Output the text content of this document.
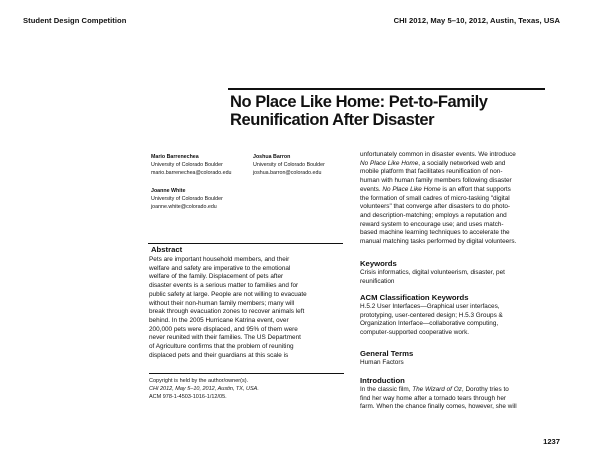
Student Design Competition	CHI 2012, May 5–10, 2012, Austin, Texas, USA
No Place Like Home: Pet-to-Family
Reunification After Disaster
Mario Barrenechea
University of Colorado Boulder
mario.barrenechea@colorado.edu
Joshua Barron
University of Colorado Boulder
joshua.barron@colorado.edu
Joanne White
University of Colorado Boulder
joanne.white@colorado.edu
Abstract

Pets are important household members, and their

welfare and safety are imperative to the emotional

welfare of the family. Displacement of pets after

disaster events is a serious matter to families and for

public safety at large. People are not willing to evacuate

without their non-human family members; many will

break through evacuation zones to recover animals left

behind. In the 2005 Hurricane Katrina event, over

200,000 pets were displaced, and 95% of them were

never reunited with their families. The US Department

of Agriculture confirms that the problem of reuniting

displaced pets and their guardians at this scale is

Copyright is held by the author/owner(s).
CHI 2012, May 5–10, 2012, Austin, TX, USA.
ACM 978-1-4503-1016-1/12/05.

unfortunately common in disaster events. We introduce

No Place Like Home, a socially networked web and

mobile platform that facilitates reunification of non-

human with human family members following disaster

events. No Place Like Home is an effort that supports

the formation of small cadres of micro-tasking "digital

volunteers" that converge after disasters to do photo-

and description-matching; employs a reputation and

reward system to encourage use; and uses match-

based machine learning techniques to accelerate the

manual matching tasks performed by digital volunteers.

Keywords
Crisis informatics, digital volunteerism, disaster, pet
reunification
ACM Classification Keywords
H.5.2 User Interfaces—Graphical user interfaces,
prototyping, user-centered design; H.5.3 Groups &
Organization Interface—collaborative computing,
computer-supported cooperative work.
General Terms
Human Factors
Introduction
In the classic film, The Wizard of Oz, Dorothy tries to
find her way home after a tornado tears through her
farm. When the chance finally comes, however, she will
1237
